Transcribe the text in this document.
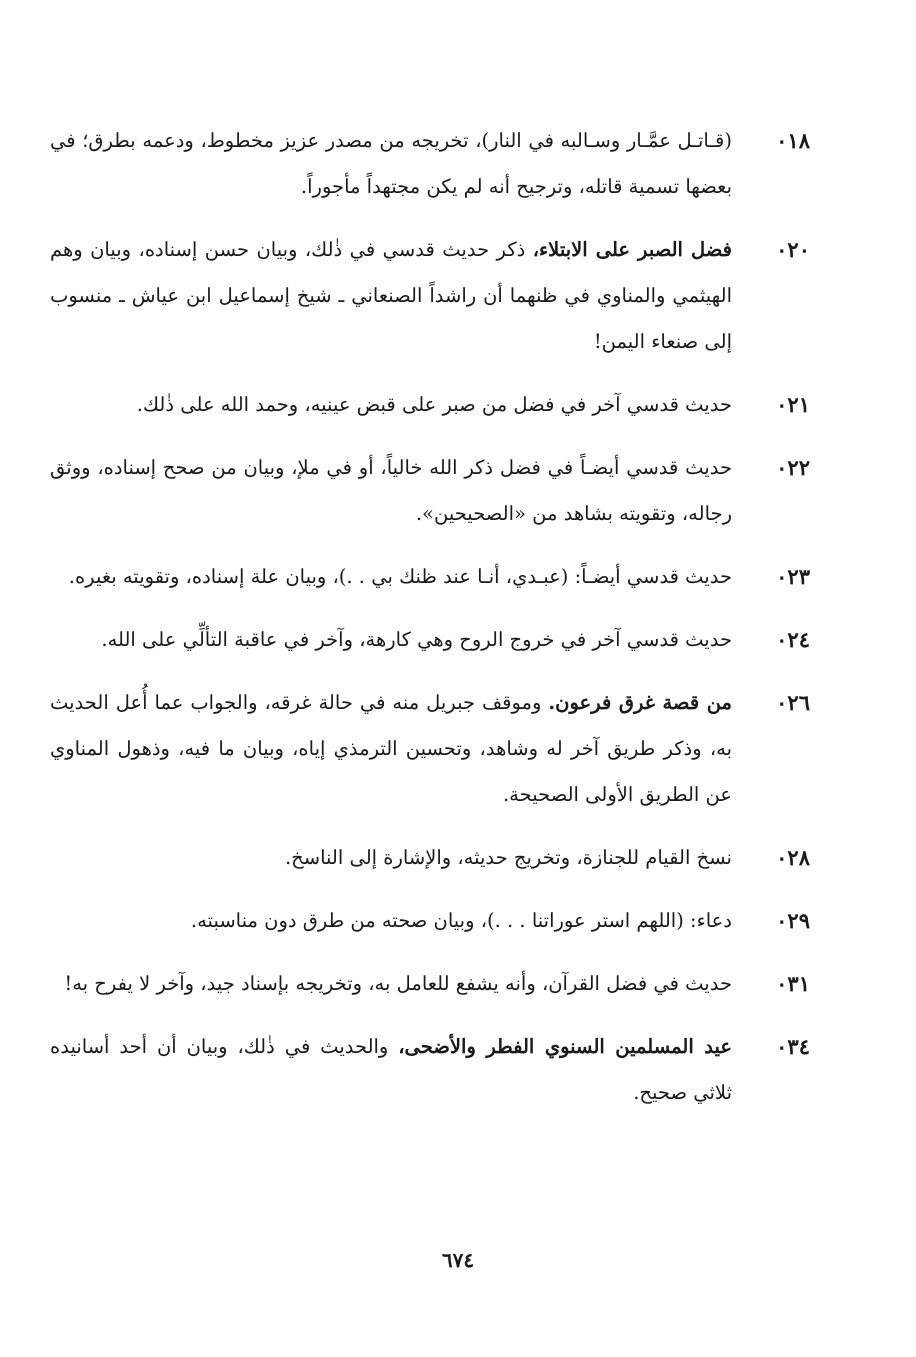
٠١٨
(قـاتـل عمَّـار وسـالبه في النار)، تخريجه من مصدر عزيز مخطوط، ودعمه بطرق؛ في بعضها تسمية قاتله، وترجيح أنه لم يكن مجتهداً مأجوراً.
٠٢٠
فضل الصبر على الابتلاء، ذكر حديث قدسي في ذٰلك، وبيان حسن إسناده، وبيان وهم الهيثمي والمناوي في ظنهما أن راشداً الصنعاني ـ شيخ إسماعيل ابن عياش ـ منسوب إلى صنعاء اليمن!
٠٢١
حديث قدسي آخر في فضل من صبر على قبض عينيه، وحمد الله على ذٰلك.
٠٢٢
حديث قدسي أيضـاً في فضل ذكر الله خالياً، أو في ملإ، وبيان من صحح إسناده، ووثق رجاله، وتقويته بشاهد من «الصحيحين».
٠٢٣
حديث قدسي أيضـاً: (عبـدي، أنـا عند ظنك بي . .)، وبيان علة إسناده، وتقويته بغيره.
٠٢٤
حديث قدسي آخر في خروج الروح وهي كارهة، وآخر في عاقبة التألِّي على الله.
٠٢٦
من قصة غرق فرعون. وموقف جبريل منه في حالة غرقه، والجواب عما أُعل الحديث به، وذكر طريق آخر له وشاهد، وتحسين الترمذي إياه، وبيان ما فيه، وذهول المناوي عن الطريق الأولى الصحيحة.
٠٢٨
نسخ القيام للجنازة، وتخريج حديثه، والإشارة إلى الناسخ.
٠٢٩
دعاء: (اللهم استر عوراتنا . . .)، وبيان صحته من طرق دون مناسبته.
٠٣١
حديث في فضل القرآن، وأنه يشفع للعامل به، وتخريجه بإسناد جيد، وآخر لا يفرح به!
٠٣٤
عيد المسلمين السنوي الفطر والأضحى، والحديث في ذٰلك، وبيان أن أحد أسانيده ثلاثي صحيح.
٦٧٤
